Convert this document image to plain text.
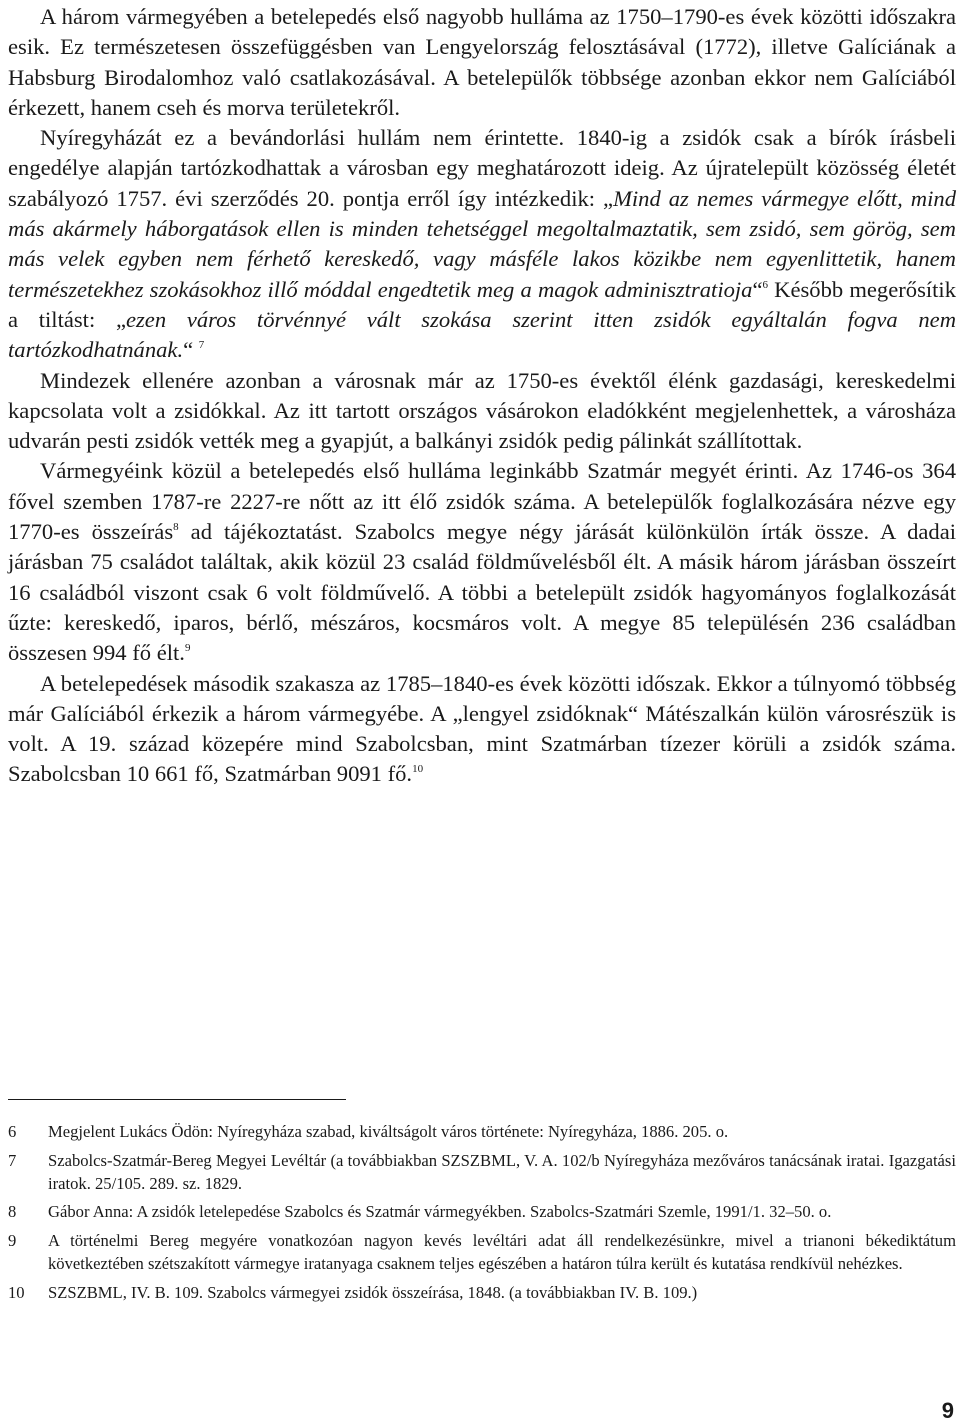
A három vármegyében a betelepedés első nagyobb hulláma az 1750–1790-es évek közötti időszakra esik. Ez természetesen összefüggésben van Lengyelország felosztásával (1772), illetve Galíciának a Habsburg Birodalomhoz való csatlakozásával. A betelepülők többsége azonban ekkor nem Galíciából érkezett, hanem cseh és morva területekről.

Nyíregyházát ez a bevándorlási hullám nem érintette. 1840-ig a zsidók csak a bírók írásbeli engedélye alapján tartózkodhattak a városban egy meghatározott ideig. Az újratelepült közösség életét szabályozó 1757. évi szerződés 20. pontja erről így intézkedik: „Mind az nemes vármegye előtt, mind más akármely háborgatások ellen is minden tehetséggel megoltalmaztatik, sem zsidó, sem görög, sem más velek egyben nem férhető kereskedő, vagy másféle lakos közikbe nem egyenlittetik, hanem természetekhez szokásokhoz illő móddal engedtetik meg a magok adminisztratioja“$^6$ Később megerősítik a tiltást: „ezen város törvénnyé vált szokása szerint itten zsidók egyáltalán fogva nem tartózkodhatnának.“ $^7$

Mindezek ellenére azonban a városnak már az 1750-es évektől élénk gazdasági, kereskedelmi kapcsolata volt a zsidókkal. Az itt tartott országos vásárokon eladókként megjelenhettek, a városháza udvarán pesti zsidók vették meg a gyapjút, a balkányi zsidók pedig pálinkát szállítottak.

Vármegyéink közül a betelepedés első hulláma leginkább Szatmár megyét érinti. Az 1746-os 364 fővel szemben 1787-re 2227-re nőtt az itt élő zsidók száma. A betelepülők foglalkozására nézve egy 1770-es összeírás$^8$ ad tájékoztatást. Szabolcs megye négy járását különkülön írták össze. A dadai járásban 75 családot találtak, akik közül 23 család földművelésből élt. A másik három járásban összeírt 16 családból viszont csak 6 volt földművelő. A többi a betelepült zsidók hagyományos foglalkozását űzte: kereskedő, iparos, bérlő, mészáros, kocsmáros volt. A megye 85 településén 236 családban összesen 994 fő élt.$^9$

A betelepedések második szakasza az 1785–1840-es évek közötti időszak. Ekkor a túlnyomó többség már Galíciából érkezik a három vármegyébe. A „lengyel zsidóknak“ Mátészalkán külön városrészük is volt. A 19. század közepére mind Szabolcsban, mint Szatmárban tízezer körüli a zsidók száma. Szabolcsban 10 661 fő, Szatmárban 9091 fő.$^{10}$

6 Megjelent Lukács Ödön: Nyíregyháza szabad, kiváltságolt város története: Nyíregyháza, 1886. 205. o.
7 Szabolcs-Szatmár-Bereg Megyei Levéltár (a továbbiakban SZSZBML, V. A. 102/b Nyíregyháza mezőváros tanácsának iratai. Igazgatási iratok. 25/105. 289. sz. 1829.
8 Gábor Anna: A zsidók letelepedése Szabolcs és Szatmár vármegyékben. Szabolcs-Szatmári Szemle, 1991/1. 32–50. o.
9 A történelmi Bereg megyére vonatkozóan nagyon kevés levéltári adat áll rendelkezésünkre, mivel a trianoni békediktátum következtében szétszakított vármegye iratanyaga csaknem teljes egészében a határon túlra került és kutatása rendkívül nehézkes.
10 SZSZBML, IV. B. 109. Szabolcs vármegyei zsidók összeírása, 1848. (a továbbiakban IV. B. 109.)
9
